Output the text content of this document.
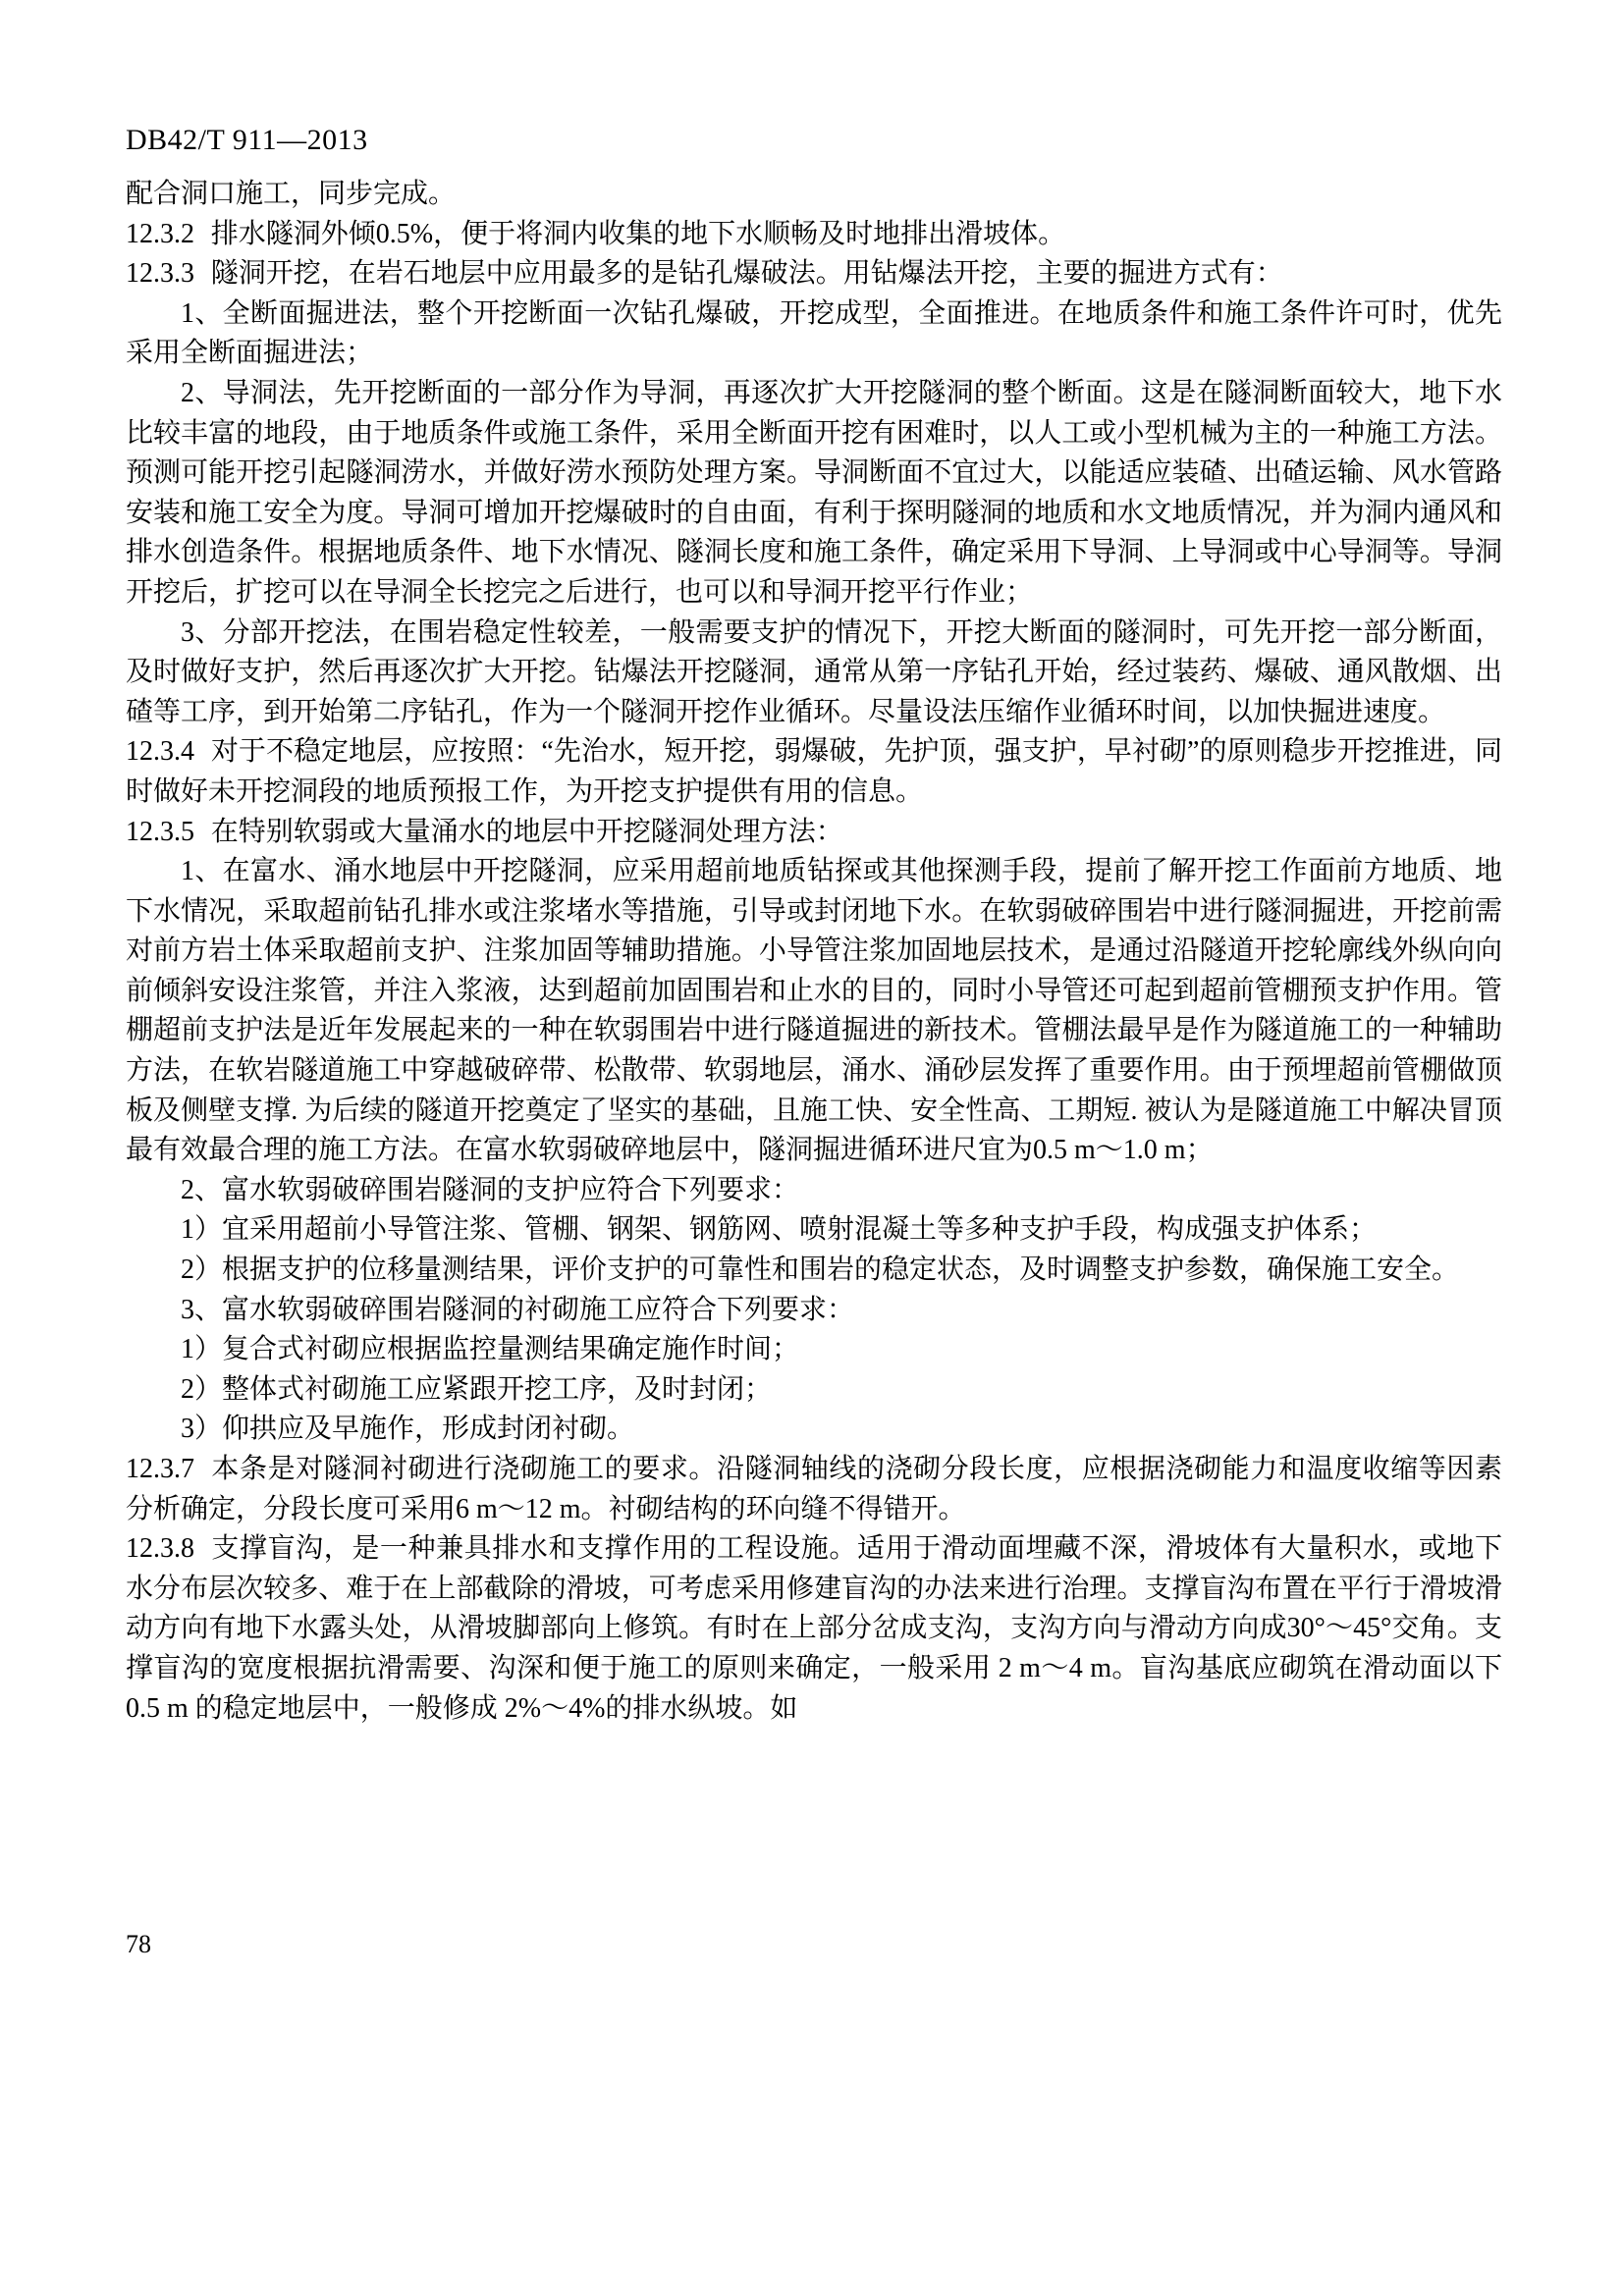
DB42/T 911—2013

配合洞口施工，同步完成。

12.3.2 排水隧洞外倾0.5%，便于将洞内收集的地下水顺畅及时地排出滑坡体。

12.3.3 隧洞开挖，在岩石地层中应用最多的是钻孔爆破法。用钻爆法开挖，主要的掘进方式有：

1、全断面掘进法，整个开挖断面一次钻孔爆破，开挖成型，全面推进。在地质条件和施工条件许可时，优先采用全断面掘进法；

2、导洞法，先开挖断面的一部分作为导洞，再逐次扩大开挖隧洞的整个断面。这是在隧洞断面较大，地下水比较丰富的地段，由于地质条件或施工条件，采用全断面开挖有困难时，以人工或小型机械为主的一种施工方法。预测可能开挖引起隧洞涝水，并做好涝水预防处理方案。导洞断面不宜过大，以能适应装碴、出碴运输、风水管路安装和施工安全为度。导洞可增加开挖爆破时的自由面，有利于探明隧洞的地质和水文地质情况，并为洞内通风和排水创造条件。根据地质条件、地下水情况、隧洞长度和施工条件，确定采用下导洞、上导洞或中心导洞等。导洞开挖后，扩挖可以在导洞全长挖完之后进行，也可以和导洞开挖平行作业；

3、分部开挖法，在围岩稳定性较差，一般需要支护的情况下，开挖大断面的隧洞时，可先开挖一部分断面，及时做好支护，然后再逐次扩大开挖。钻爆法开挖隧洞，通常从第一序钻孔开始，经过装药、爆破、通风散烟、出碴等工序，到开始第二序钻孔，作为一个隧洞开挖作业循环。尽量设法压缩作业循环时间，以加快掘进速度。

12.3.4 对于不稳定地层，应按照：“先治水，短开挖，弱爆破，先护顶，强支护，早衬砌”的原则稳步开挖推进，同时做好未开挖洞段的地质预报工作，为开挖支护提供有用的信息。

12.3.5 在特别软弱或大量涌水的地层中开挖隧洞处理方法：

1、在富水、涌水地层中开挖隧洞，应采用超前地质钻探或其他探测手段，提前了解开挖工作面前方地质、地下水情况，采取超前钻孔排水或注浆堵水等措施，引导或封闭地下水。在软弱破碎围岩中进行隧洞掘进，开挖前需对前方岩土体采取超前支护、注浆加固等辅助措施。小导管注浆加固地层技术，是通过沿隧道开挖轮廓线外纵向向前倾斜安设注浆管，并注入浆液，达到超前加固围岩和止水的目的，同时小导管还可起到超前管棚预支护作用。管棚超前支护法是近年发展起来的一种在软弱围岩中进行隧道掘进的新技术。管棚法最早是作为隧道施工的一种辅助方法，在软岩隧道施工中穿越破碎带、松散带、软弱地层，涌水、涌砂层发挥了重要作用。由于预埋超前管棚做顶板及侧壁支撑. 为后续的隧道开挖奠定了坚实的基础，且施工快、安全性高、工期短. 被认为是隧道施工中解决冒顶最有效最合理的施工方法。在富水软弱破碎地层中，隧洞掘进循环进尺宜为0.5 m～1.0 m；

2、富水软弱破碎围岩隧洞的支护应符合下列要求：

1）宜采用超前小导管注浆、管棚、钢架、钢筋网、喷射混凝土等多种支护手段，构成强支护体系；

2）根据支护的位移量测结果，评价支护的可靠性和围岩的稳定状态，及时调整支护参数，确保施工安全。

3、富水软弱破碎围岩隧洞的衬砌施工应符合下列要求：

1）复合式衬砌应根据监控量测结果确定施作时间；

2）整体式衬砌施工应紧跟开挖工序，及时封闭；

3）仰拱应及早施作，形成封闭衬砌。

12.3.7 本条是对隧洞衬砌进行浇砌施工的要求。沿隧洞轴线的浇砌分段长度，应根据浇砌能力和温度收缩等因素分析确定，分段长度可采用6 m～12 m。衬砌结构的环向缝不得错开。

12.3.8 支撑盲沟，是一种兼具排水和支撑作用的工程设施。适用于滑动面埋藏不深，滑坡体有大量积水，或地下水分布层次较多、难于在上部截除的滑坡，可考虑采用修建盲沟的办法来进行治理。支撑盲沟布置在平行于滑坡滑动方向有地下水露头处，从滑坡脚部向上修筑。有时在上部分岔成支沟，支沟方向与滑动方向成30°～45°交角。支撑盲沟的宽度根据抗滑需要、沟深和便于施工的原则来确定，一般采用 2 m～4 m。盲沟基底应砌筑在滑动面以下 0.5 m 的稳定地层中，一般修成 2%～4%的排水纵坡。如

78
